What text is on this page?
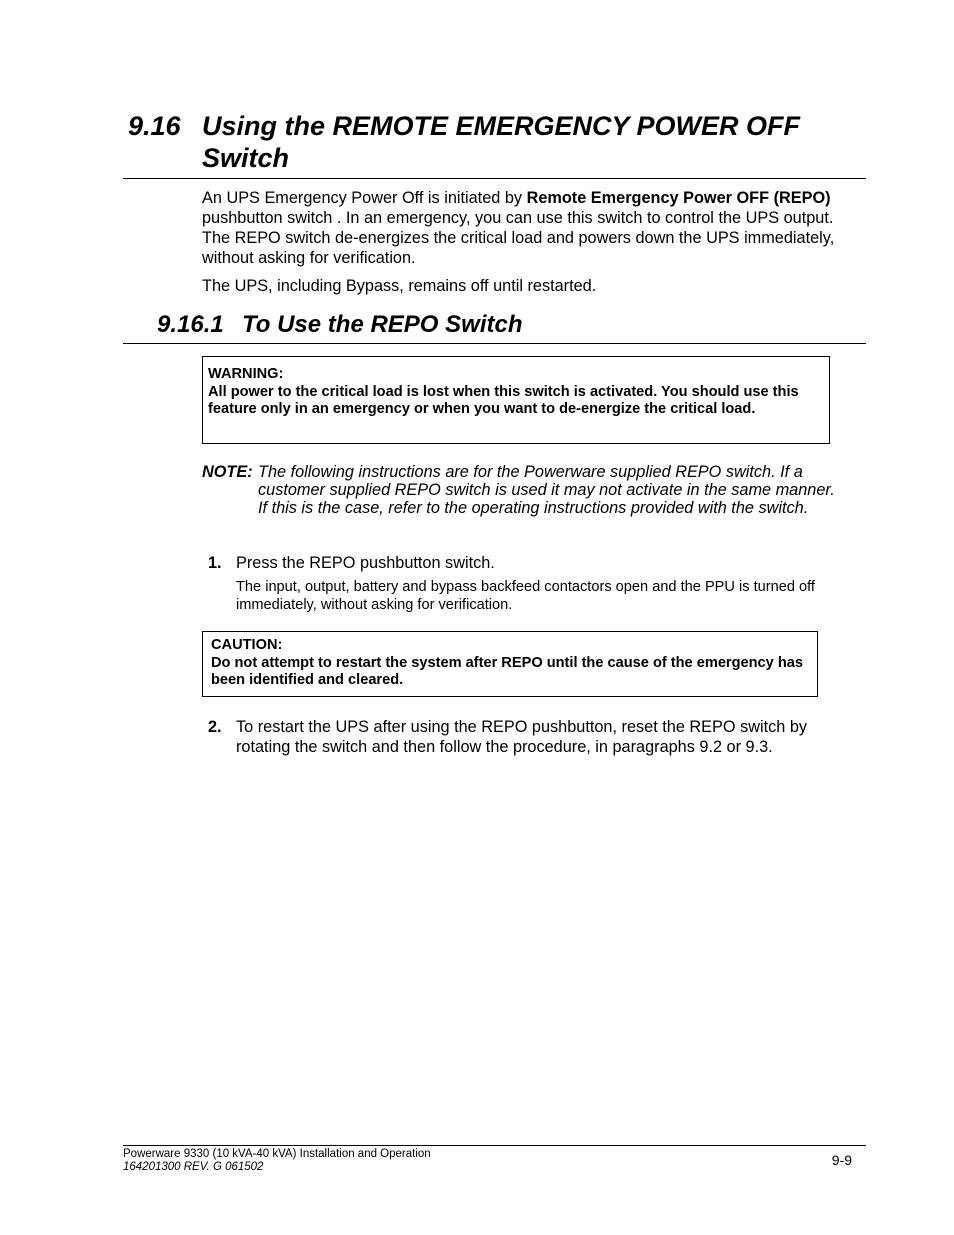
9.16 Using the REMOTE EMERGENCY POWER OFF Switch
An UPS Emergency Power Off is initiated by Remote Emergency Power OFF (REPO) pushbutton switch . In an emergency, you can use this switch to control the UPS output. The REPO switch de-energizes the critical load and powers down the UPS immediately, without asking for verification.
The UPS, including Bypass, remains off until restarted.
9.16.1 To Use the REPO Switch
WARNING:
All power to the critical load is lost when this switch is activated. You should use this feature only in an emergency or when you want to de-energize the critical load.
NOTE: The following instructions are for the Powerware supplied REPO switch. If a customer supplied REPO switch is used it may not activate in the same manner. If this is the case, refer to the operating instructions provided with the switch.
1. Press the REPO pushbutton switch.
The input, output, battery and bypass backfeed contactors open and the PPU is turned off immediately, without asking for verification.
CAUTION:
Do not attempt to restart the system after REPO until the cause of the emergency has been identified and cleared.
2. To restart the UPS after using the REPO pushbutton, reset the REPO switch by rotating the switch and then follow the procedure, in paragraphs 9.2 or 9.3.
Powerware 9330 (10 kVA-40 kVA) Installation and Operation
164201300 REV. G 061502	9-9
